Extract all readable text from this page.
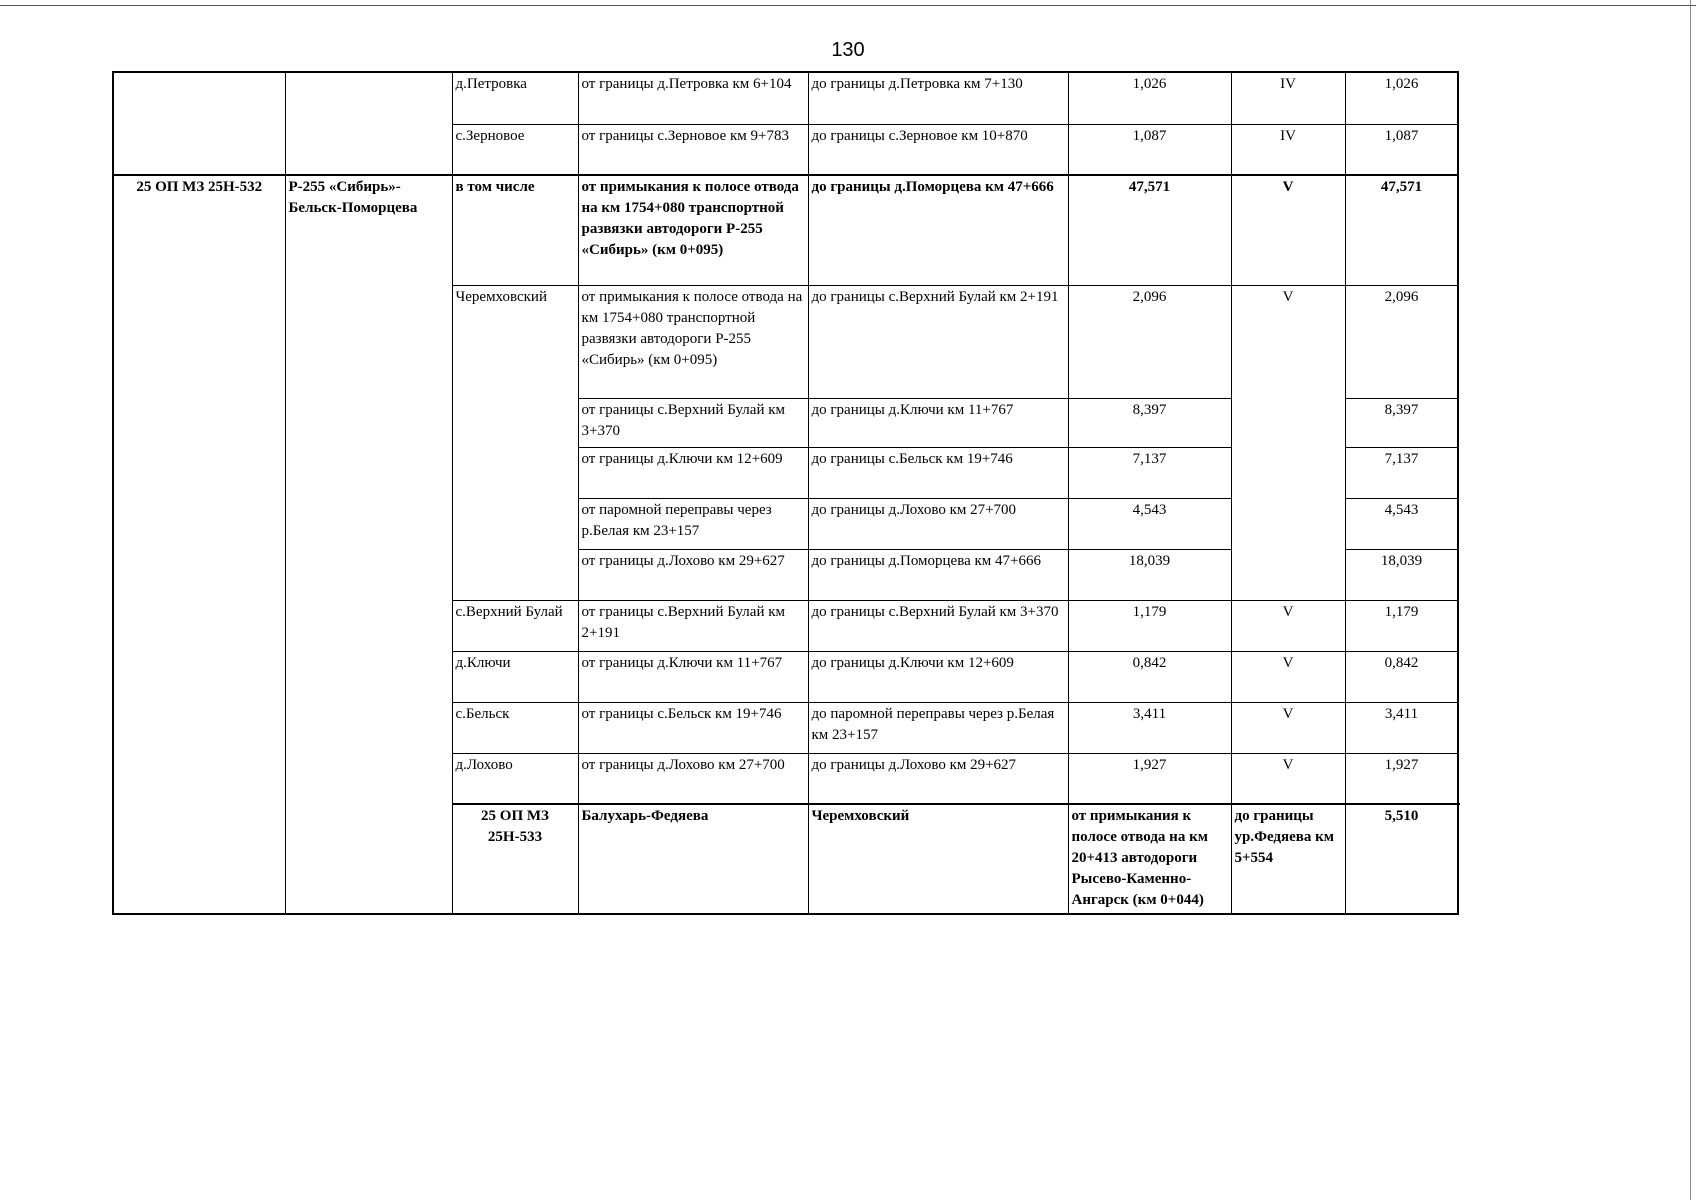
130
		д.Петровка	от границы д.Петровка км 6+104	до границы д.Петровка км 7+130	1,026	IV	1,026	
		с.Зерновое	от границы с.Зерновое км 9+783	до границы с.Зерновое км 10+870	1,087	IV	1,087	
25 ОП МЗ 25Н-532	Р-255 «Сибирь»-Бельск-Поморцева	в том числе	от примыкания к полосе отвода на км 1754+080 транспортной развязки автодороги Р-255 «Сибирь» (км 0+095)	до границы д.Поморцева км 47+666	47,571	V	47,571	
		Черемховский	от примыкания к полосе отвода на км 1754+080 транспортной развязки автодороги Р-255 «Сибирь» (км 0+095)	до границы с.Верхний Булай км 2+191	2,096	V	2,096	
			от границы с.Верхний Булай км 3+370	до границы д.Ключи км 11+767	8,397		8,397	
			от границы д.Ключи км 12+609	до границы с.Бельск км 19+746	7,137		7,137	
			от паромной переправы через р.Белая км 23+157	до границы д.Лохово км 27+700	4,543		4,543	
			от границы д.Лохово км 29+627	до границы д.Поморцева км 47+666	18,039		18,039	
		с.Верхний Булай	от границы с.Верхний Булай км 2+191	до границы с.Верхний Булай км 3+370	1,179	V	1,179	
		д.Ключи	от границы д.Ключи км 11+767	до границы д.Ключи км 12+609	0,842	V	0,842	
		с.Бельск	от границы с.Бельск км 19+746	до паромной переправы через р.Белая км 23+157	3,411	V	3,411	
		д.Лохово	от границы д.Лохово км 27+700	до границы д.Лохово км 29+627	1,927	V	1,927	
		25 ОП МЗ 25Н-533	Балухарь-Федяева	Черемховский	от примыкания к полосе отвода на км 20+413 автодороги Рысево-Каменно-Ангарск (км 0+044)	до границы ур.Федяева км 5+554	5,510		
